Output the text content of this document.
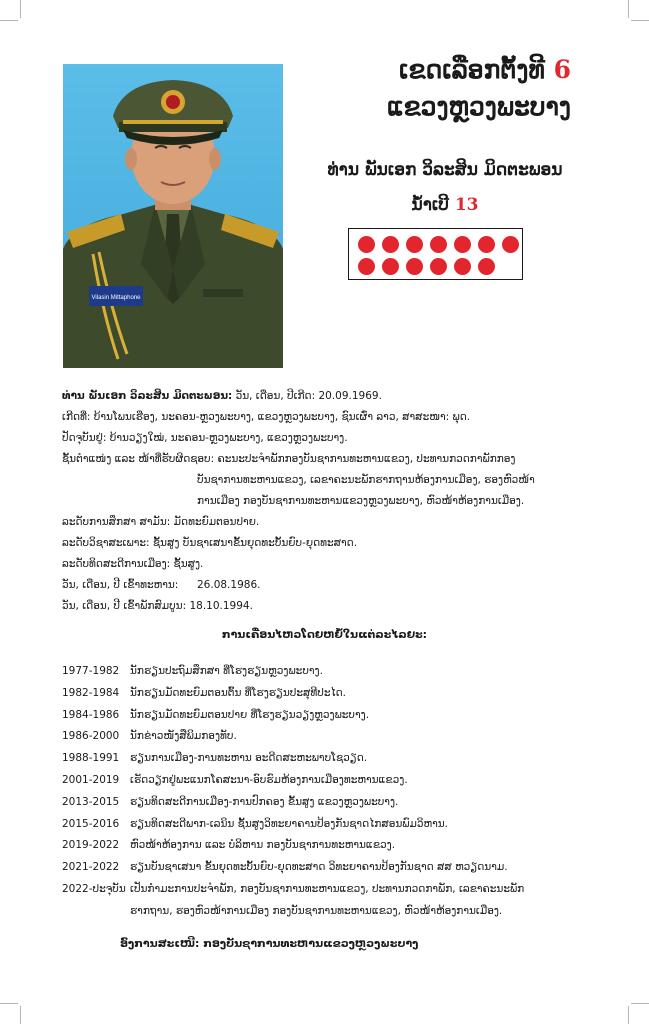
Vilasin Mittaphone
ເຂດເລືອກຕັ້ງທີ 6
ແຂວງຫຼວງພະບາງ
ທ່ານ ພັນເອກ ວິລະສິນ ມິດຕະພອນ
ນໍ້າເບີ 13
ທ່ານ ພັນເອກ ວິລະສິນ ມິດຕະພອນ: ວັນ, ເດືອນ, ປີເກີດ: 20.09.1969.
ເກີດທີ່: ບ້ານໂພນເຮືອງ, ນະຄອນ-ຫຼວງພະບາງ, ແຂວງຫຼວງພະບາງ, ຊົນເຜົ່າ ລາວ, ສາສະໜາ: ພຸດ.
ປັດຈຸບັນຢູ່: ບ້ານວຽງໃໝ່, ນະຄອນ-ຫຼວງພະບາງ, ແຂວງຫຼວງພະບາງ.
ຊັ້ນຕຳແໜ່ງ ແລະ ໜ້າທີ່ຮັບຜິດຊອບ: ຄະນະປະຈຳພັກກອງບັນຊາການທະຫານແຂວງ, ປະທານກວດກາພັກກອງ
ບັນຊາການທະຫານແຂວງ, ເລຂາຄະນະພັກຮາກຖານຫ້ອງການເມືອງ, ຮອງຫົວໜ້າ
ການເມືອງ ກອງບັນຊາການທະຫານແຂວງຫຼວງພະບາງ, ຫົວໜ້າຫ້ອງການເມືອງ.
ລະດັບການສຶກສາ ສາມັນ: ມັດທະຍົມຕອນປາຍ.
ລະດັບວິຊາສະເພາະ: ຊັ້ນສູງ ບັນຊາເສນາຂັ້ນຍຸດທະບັ້ນຍົບ-ຍຸດທະສາດ.
ລະດັບທິດສະດີການເມືອງ: ຊັ້ນສູງ.
ວັນ, ເດືອນ, ປີ ເຂົ້າທະຫານ: 26.08.1986.
ວັນ, ເດືອນ, ປີ ເຂົ້າພັກສົມບູນ: 18.10.1994.
ການເຄື່ອນໄຫວໂດຍຫຍໍ້ໃນແຕ່ລະໄລຍະ:
1977-1982	ນັກຮຽນປະຖົມສຶກສາ ທີ່ໂຮງຮຽນຫຼວງພະບາງ.
1982-1984	ນັກຮຽນມັດທະຍົມຕອນຕົ້ນ ທີ່ໂຮງຮຽນປະສຸທີປະໄດ.
1984-1986	ນັກຮຽນມັດທະຍົມຕອນປາຍ ທີ່ໂຮງຮຽນວຽງຫຼວງພະບາງ.
1986-2000	ນັກຂ່າວໜັງສືພິມກອງທັບ.
1988-1991	ຮຽນການເມືອງ-ການທະຫານ ອະດີດສະຫະພາບໂຊວຽດ.
2001-2019	ເຮັດວຽກຢູ່ພະແນກໂຄສະນາ-ອົບຮົມຫ້ອງການເມືອງທະຫານແຂວງ.
2013-2015	ຮຽນທິດສະດີການເມືອງ-ການປົກຄອງ ຂັ້ນສູງ ແຂວງຫຼວງພະບາງ.
2015-2016	ຮຽນທິດສະດີພາກ-ເລນິນ ຊັ້ນສູງວິທະຍາຄານປ້ອງກັນຊາດໄກສອນພົມວິຫານ.
2019-2022	ຫົວໜ້າຫ້ອງການ ແລະ ບໍລິຫານ ກອງບັນຊາການທະຫານແຂວງ.
2021-2022	ຮຽນບັນຊາເສນາ ຂັ້ນຍຸດທະບັ້ນຍົບ-ຍຸດທະສາດ ວິທະຍາຄານປ້ອງກັນຊາດ ສສ ຫວຽດນາມ.
2022-ປະຈຸບັນ ເປັນກຳມະການປະຈຳພັກ, ກອງບັນຊາການທະຫານແຂວງ, ປະທານກວດກາພັກ, ເລຂາຄະນະພັກ
ຮາກຖານ, ຮອງຫົວໜ້າການເມືອງ ກອງບັນຊາການທະຫານແຂວງ, ຫົວໜ້າຫ້ອງການເມືອງ.
ອົງການສະເໜີ: ກອງບັນຊາການທະຫານແຂວງຫຼວງພະບາງ
